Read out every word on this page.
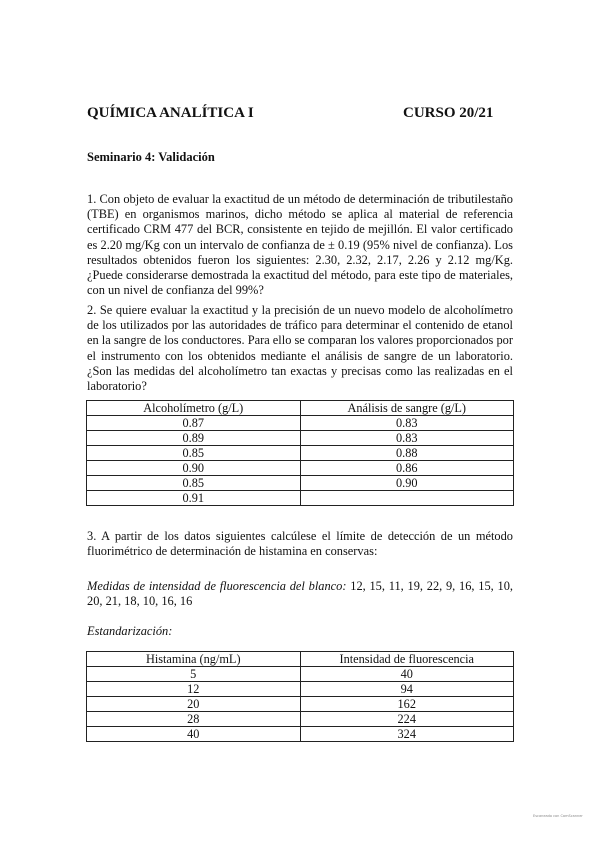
QUÍMICA ANALÍTICA I	CURSO 20/21
Seminario 4: Validación

1. Con objeto de evaluar la exactitud de un método de determinación de tributilestaño (TBE) en organismos marinos, dicho método se aplica al material de referencia certificado CRM 477 del BCR, consistente en tejido de mejillón. El valor certificado es 2.20 mg/Kg con un intervalo de confianza de ± 0.19 (95% nivel de confianza). Los resultados obtenidos fueron los siguientes: 2.30, 2.32, 2.17, 2.26 y 2.12 mg/Kg. ¿Puede considerarse demostrada la exactitud del método, para este tipo de materiales, con un nivel de confianza del 99%?

2. Se quiere evaluar la exactitud y la precisión de un nuevo modelo de alcoholímetro de los utilizados por las autoridades de tráfico para determinar el contenido de etanol en la sangre de los conductores. Para ello se comparan los valores proporcionados por el instrumento con los obtenidos mediante el análisis de sangre de un laboratorio. ¿Son las medidas del alcoholímetro tan exactas y precisas como las realizadas en el laboratorio?

Alcoholímetro (g/L)	Análisis de sangre (g/L)
0.87	0.83
0.89	0.83
0.85	0.88
0.90	0.86
0.85	0.90
0.91	

3. A partir de los datos siguientes calcúlese el límite de detección de un método fluorimétrico de determinación de histamina en conservas:

Medidas de intensidad de fluorescencia del blanco: 12, 15, 11, 19, 22, 9, 16, 15, 10, 20, 21, 18, 10, 16, 16

Estandarización:
Histamina (ng/mL)	Intensidad de fluorescencia
5	40
12	94
20	162
28	224
40	324
Escaneado con CamScanner
